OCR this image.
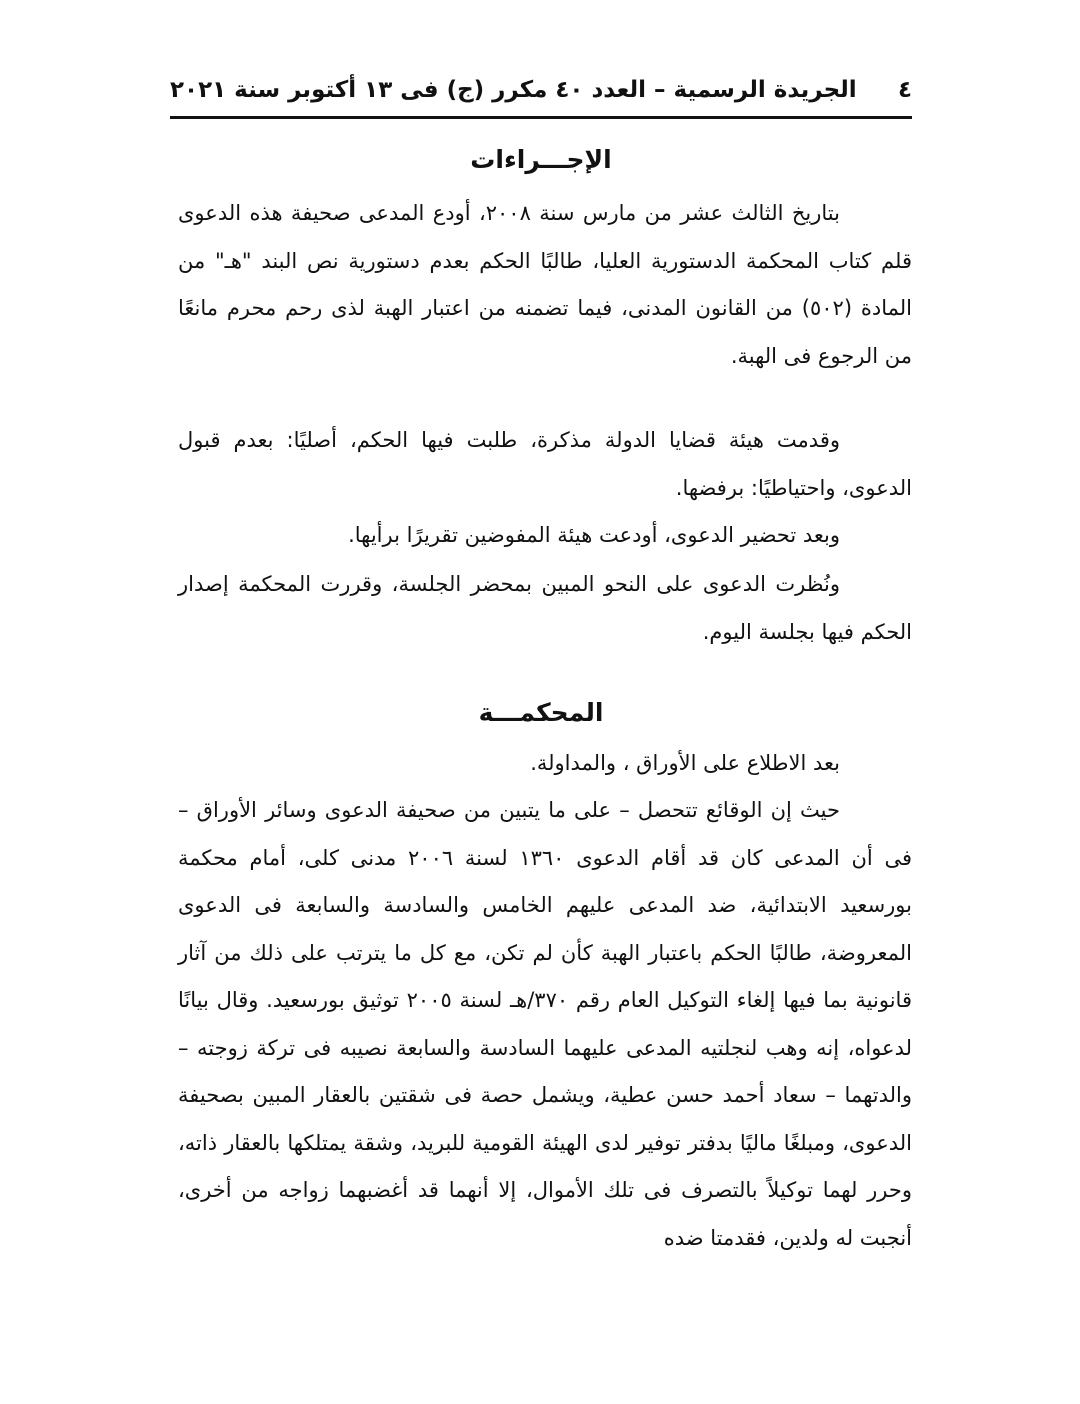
٤
الجريدة الرسمية – العدد ٤٠ مكرر (ج) فى ١٣ أكتوبر سنة ٢٠٢١
الإجـــراءات

بتاريخ الثالث عشر من مارس سنة ٢٠٠٨، أودع المدعى صحيفة هذه الدعوى قلم كتاب المحكمة الدستورية العليا، طالبًا الحكم بعدم دستورية نص البند "هـ" من المادة (٥٠٢) من القانون المدنى، فيما تضمنه من اعتبار الهبة لذى رحم محرم مانعًا من الرجوع فى الهبة.

وقدمت هيئة قضايا الدولة مذكرة، طلبت فيها الحكم، أصليًا: بعدم قبول الدعوى، واحتياطيًا: برفضها.

وبعد تحضير الدعوى، أودعت هيئة المفوضين تقريرًا برأيها.

ونُظرت الدعوى على النحو المبين بمحضر الجلسة، وقررت المحكمة إصدار الحكم فيها بجلسة اليوم.

المحكمـــة

بعد الاطلاع على الأوراق ، والمداولة.

حيث إن الوقائع تتحصل – على ما يتبين من صحيفة الدعوى وسائر الأوراق – فى أن المدعى كان قد أقام الدعوى ١٣٦٠ لسنة ٢٠٠٦ مدنى كلى، أمام محكمة بورسعيد الابتدائية، ضد المدعى عليهم الخامس والسادسة والسابعة فى الدعوى المعروضة، طالبًا الحكم باعتبار الهبة كأن لم تكن، مع كل ما يترتب على ذلك من آثار قانونية بما فيها إلغاء التوكيل العام رقم ٣٧٠/هـ لسنة ٢٠٠٥ توثيق بورسعيد. وقال بيانًا لدعواه، إنه وهب لنجلتيه المدعى عليهما السادسة والسابعة نصيبه فى تركة زوجته – والدتهما – سعاد أحمد حسن عطية، ويشمل حصة فى شقتين بالعقار المبين بصحيفة الدعوى، ومبلغًا ماليًا بدفتر توفير لدى الهيئة القومية للبريد، وشقة يمتلكها بالعقار ذاته، وحرر لهما توكيلاً بالتصرف فى تلك الأموال، إلا أنهما قد أغضبهما زواجه من أخرى، أنجبت له ولدين، فقدمتا ضده
